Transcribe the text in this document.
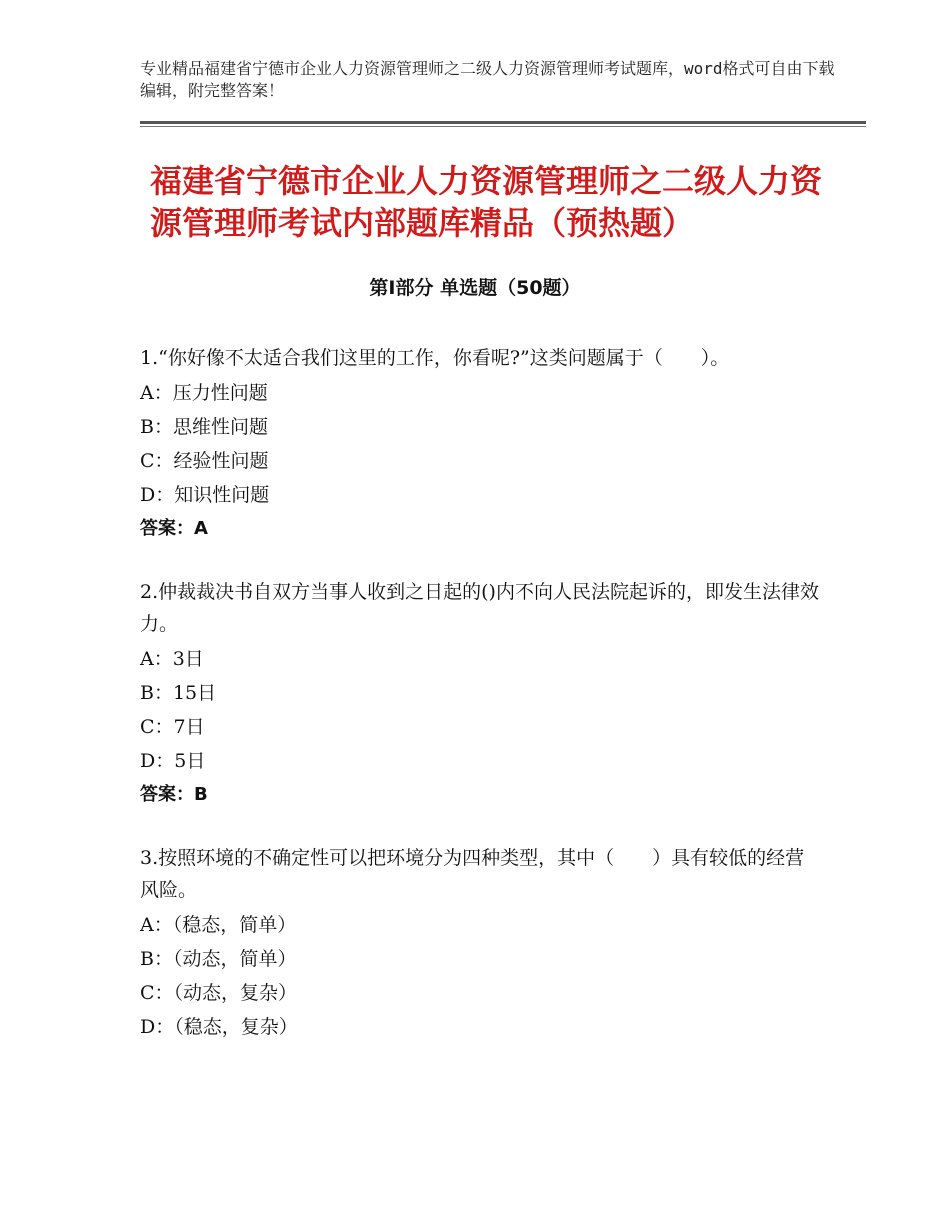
专业精品福建省宁德市企业人力资源管理师之二级人力资源管理师考试题库，word格式可自由下载编辑，附完整答案！
福建省宁德市企业人力资源管理师之二级人力资源管理师考试内部题库精品（预热题）
第Ⅰ部分 单选题（50题）

1.“你好像不太适合我们这里的工作，你看呢?”这类问题属于（　　）。

A：压力性问题

B：思维性问题

C：经验性问题

D：知识性问题

答案：A

2.仲裁裁决书自双方当事人收到之日起的()内不向人民法院起诉的，即发生法律效力。

A：3日

B：15日

C：7日

D：5日

答案：B

3.按照环境的不确定性可以把环境分为四种类型，其中（　　）具有较低的经营风险。

A：（稳态，简单）

B：（动态，简单）

C：（动态，复杂）

D：（稳态，复杂）
